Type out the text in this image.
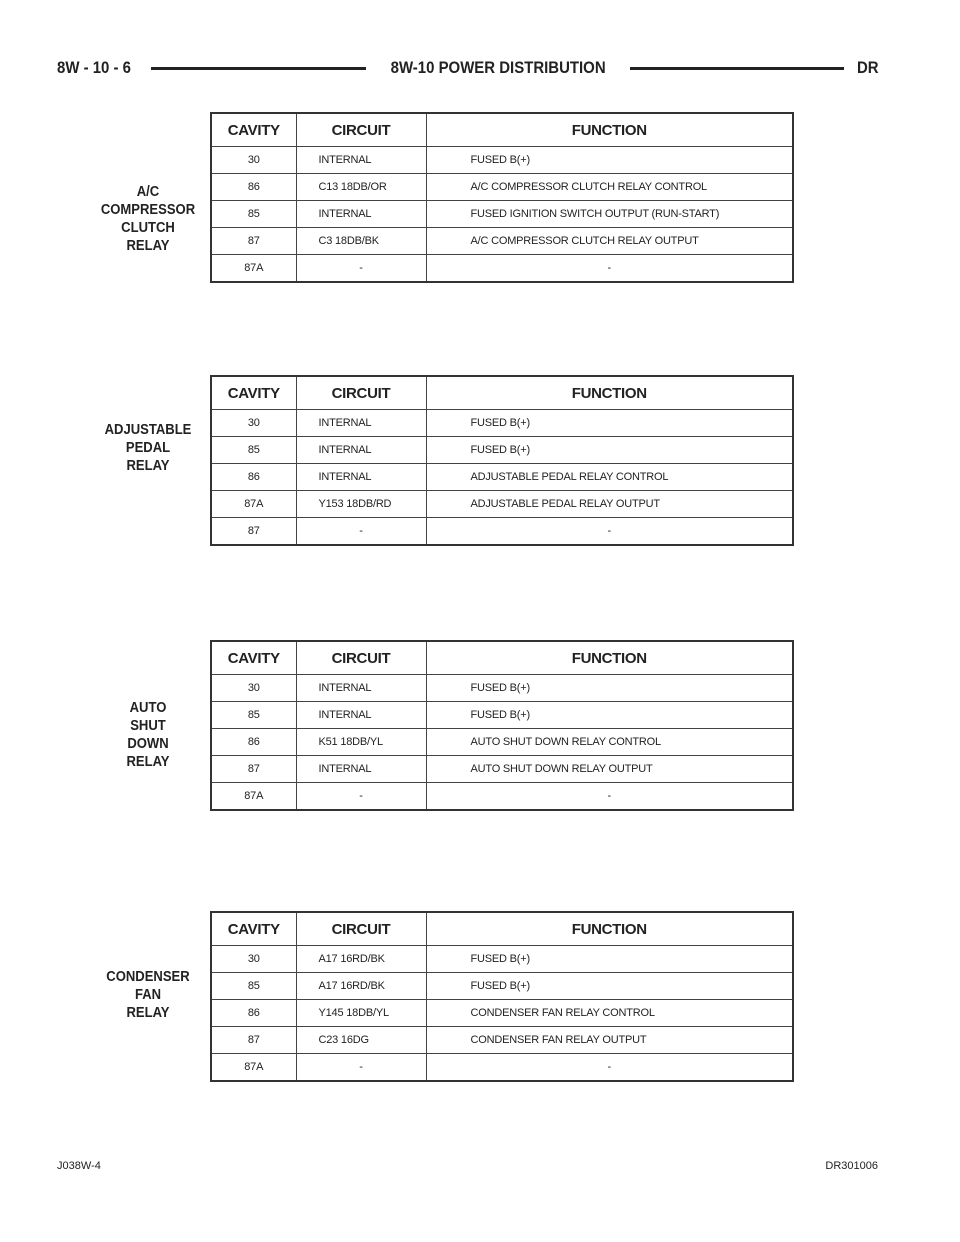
8W - 10 - 6	8W-10 POWER DISTRIBUTION	DR
A/C
COMPRESSOR
CLUTCH
RELAY
CAVITY	CIRCUIT	FUNCTION
30	INTERNAL	FUSED B(+)
86	C13 18DB/OR	A/C COMPRESSOR CLUTCH RELAY CONTROL
85	INTERNAL	FUSED IGNITION SWITCH OUTPUT (RUN-START)
87	C3 18DB/BK	A/C COMPRESSOR CLUTCH RELAY OUTPUT
87A	-	-
ADJUSTABLE
PEDAL
RELAY
CAVITY	CIRCUIT	FUNCTION
30	INTERNAL	FUSED B(+)
85	INTERNAL	FUSED B(+)
86	INTERNAL	ADJUSTABLE PEDAL RELAY CONTROL
87A	Y153 18DB/RD	ADJUSTABLE PEDAL RELAY OUTPUT
87	-	-
AUTO
SHUT
DOWN
RELAY
CAVITY	CIRCUIT	FUNCTION
30	INTERNAL	FUSED B(+)
85	INTERNAL	FUSED B(+)
86	K51 18DB/YL	AUTO SHUT DOWN RELAY CONTROL
87	INTERNAL	AUTO SHUT DOWN RELAY OUTPUT
87A	-	-
CONDENSER
FAN
RELAY
CAVITY	CIRCUIT	FUNCTION
30	A17 16RD/BK	FUSED B(+)
85	A17 16RD/BK	FUSED B(+)
86	Y145 18DB/YL	CONDENSER FAN RELAY CONTROL
87	C23 16DG	CONDENSER FAN RELAY OUTPUT
87A	-	-
J038W-4	DR301006
